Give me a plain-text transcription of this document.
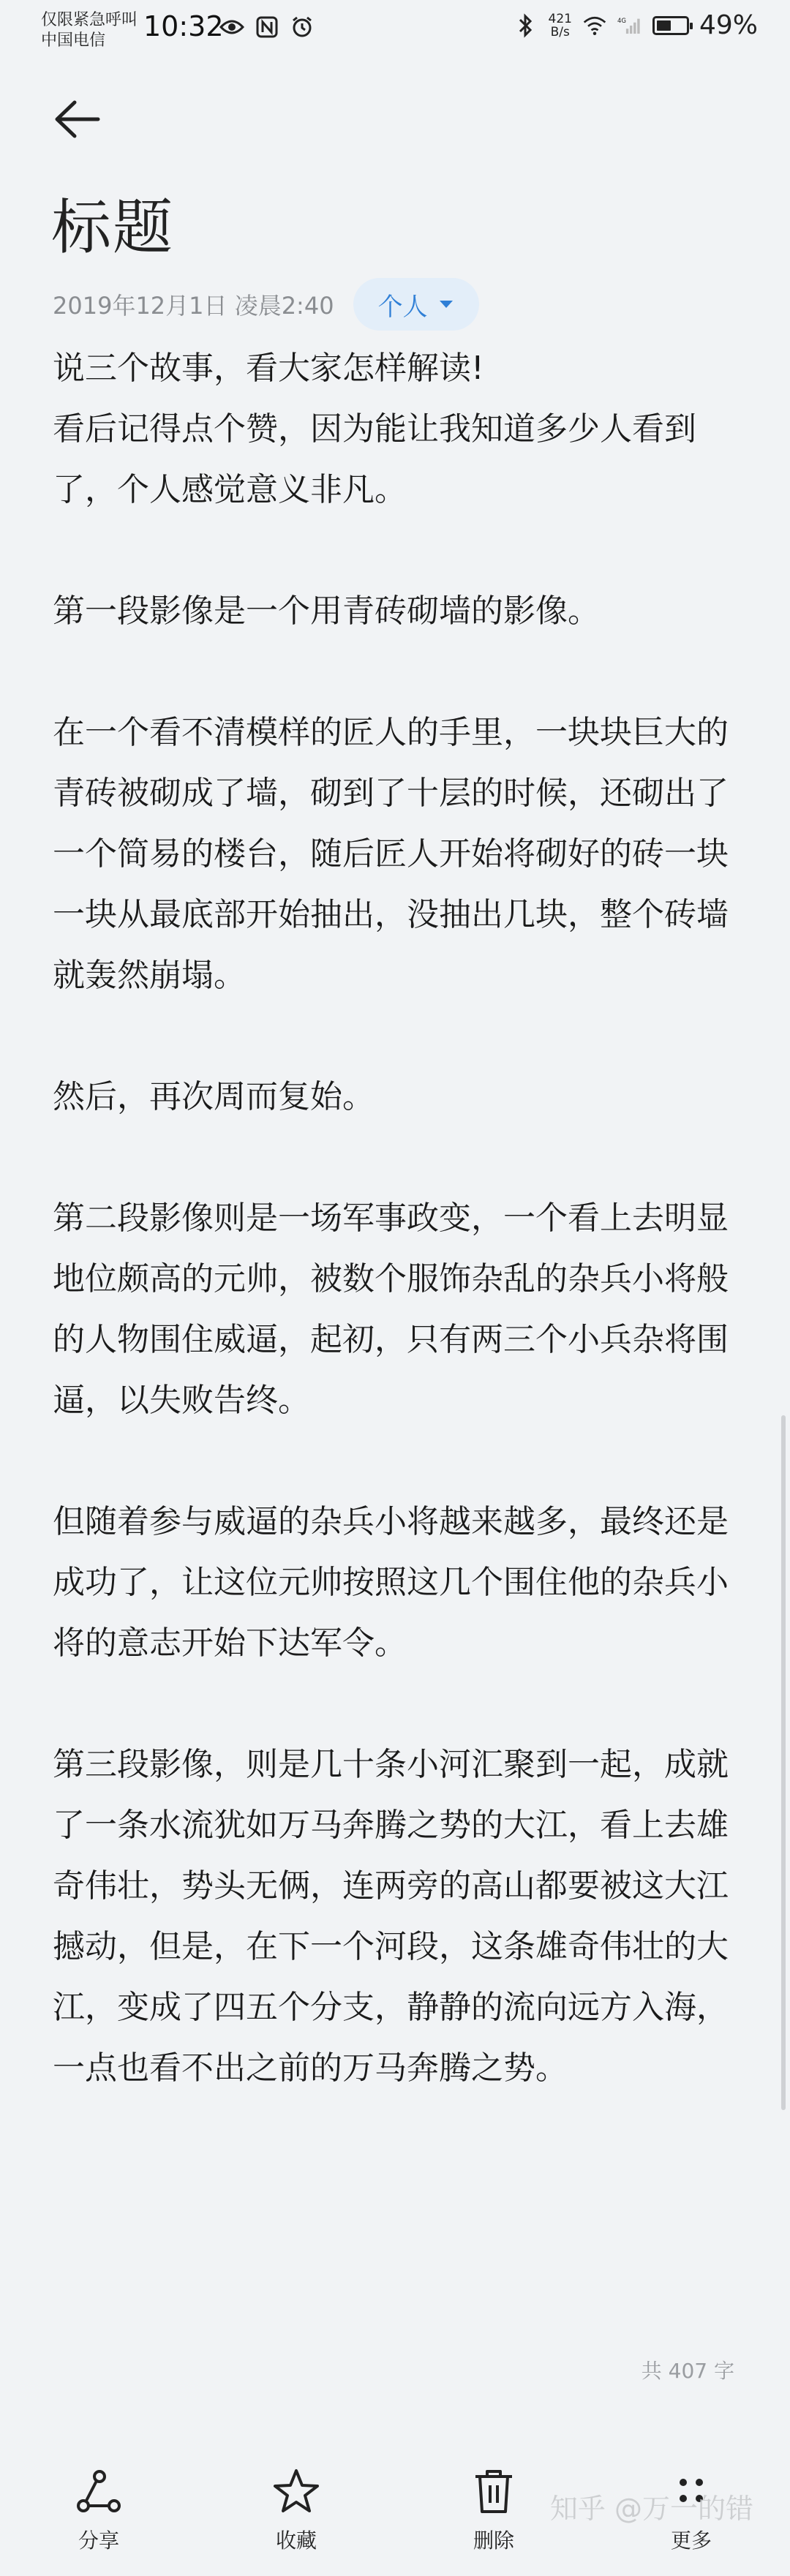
仅限紧急呼叫
中国电信	10:32	421
B/s
4G	49%
标题
2019年12月1日 凌晨2:40 个人

说三个故事，看大家怎样解读!

看后记得点个赞，因为能让我知道多少人看到了，个人感觉意义非凡。

第一段影像是一个用青砖砌墙的影像。

在一个看不清模样的匠人的手里，一块块巨大的青砖被砌成了墙，砌到了十层的时候，还砌出了一个简易的楼台，随后匠人开始将砌好的砖一块一块从最底部开始抽出，没抽出几块，整个砖墙就轰然崩塌。

然后，再次周而复始。

第二段影像则是一场军事政变，一个看上去明显地位颇高的元帅，被数个服饰杂乱的杂兵小将般的人物围住威逼，起初，只有两三个小兵杂将围逼，以失败告终。

但随着参与威逼的杂兵小将越来越多，最终还是成功了，让这位元帅按照这几个围住他的杂兵小将的意志开始下达军令。

第三段影像，则是几十条小河汇聚到一起，成就了一条水流犹如万马奔腾之势的大江，看上去雄奇伟壮，势头无俩，连两旁的高山都要被这大江撼动，但是，在下一个河段，这条雄奇伟壮的大江，变成了四五个分支，静静的流向远方入海，一点也看不出之前的万马奔腾之势。

共 407 字
分享	收藏	删除	更多
知乎 @万一的错
